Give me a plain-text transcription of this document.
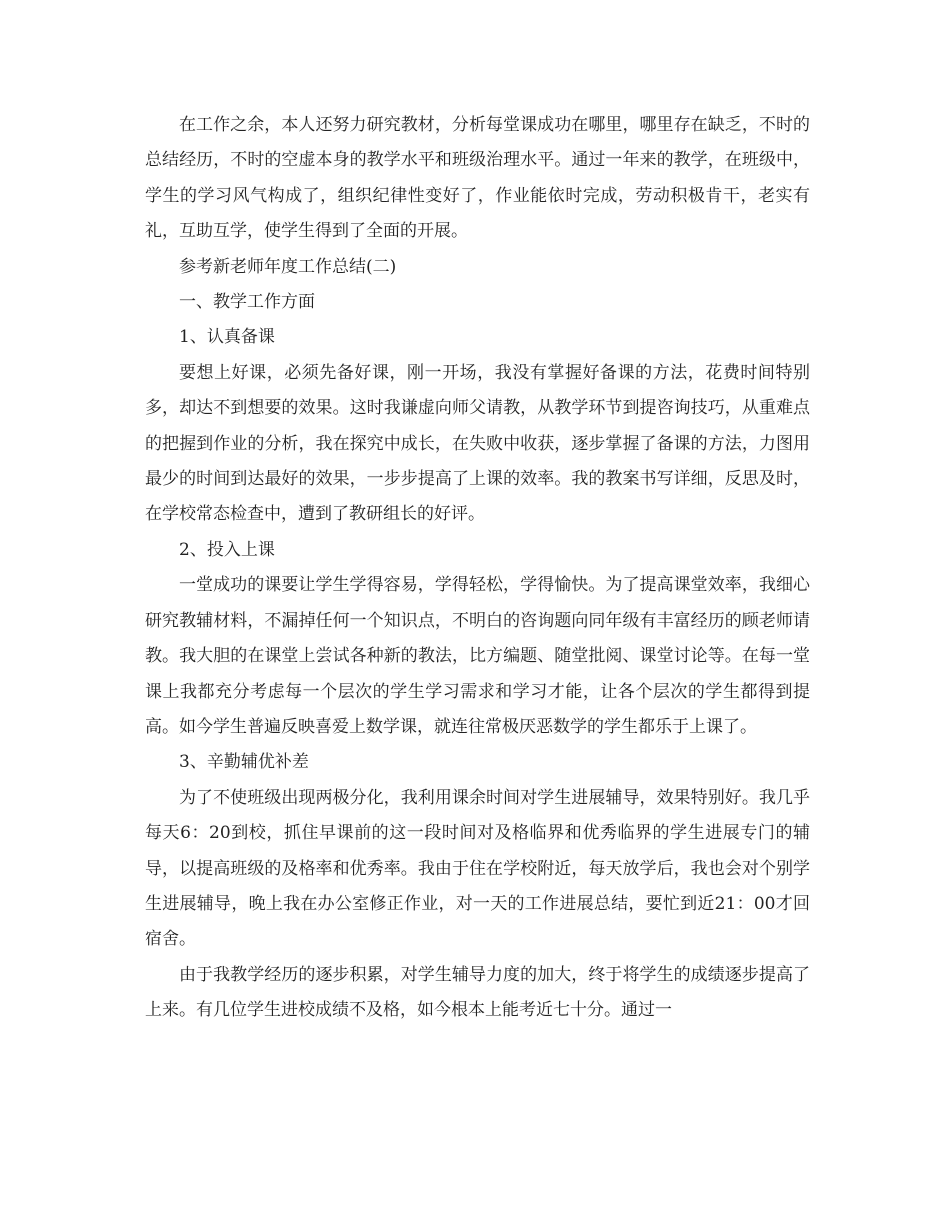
在工作之余，本人还努力研究教材，分析每堂课成功在哪里，哪里存在缺乏，不时的总结经历，不时的空虚本身的教学水平和班级治理水平。通过一年来的教学，在班级中，学生的学习风气构成了，组织纪律性变好了，作业能依时完成，劳动积极肯干，老实有礼，互助互学，使学生得到了全面的开展。

参考新老师年度工作总结(二)

一、教学工作方面

1、认真备课

要想上好课，必须先备好课，刚一开场，我没有掌握好备课的方法，花费时间特别多，却达不到想要的效果。这时我谦虚向师父请教，从教学环节到提咨询技巧，从重难点的把握到作业的分析，我在探究中成长，在失败中收获，逐步掌握了备课的方法，力图用最少的时间到达最好的效果，一步步提高了上课的效率。我的教案书写详细，反思及时，在学校常态检查中，遭到了教研组长的好评。

2、投入上课

一堂成功的课要让学生学得容易，学得轻松，学得愉快。为了提高课堂效率，我细心研究教辅材料，不漏掉任何一个知识点，不明白的咨询题向同年级有丰富经历的顾老师请教。我大胆的在课堂上尝试各种新的教法，比方编题、随堂批阅、课堂讨论等。在每一堂课上我都充分考虑每一个层次的学生学习需求和学习才能，让各个层次的学生都得到提高。如今学生普遍反映喜爱上数学课，就连往常极厌恶数学的学生都乐于上课了。

3、辛勤辅优补差

为了不使班级出现两极分化，我利用课余时间对学生进展辅导，效果特别好。我几乎每天6：20到校，抓住早课前的这一段时间对及格临界和优秀临界的学生进展专门的辅导，以提高班级的及格率和优秀率。我由于住在学校附近，每天放学后，我也会对个别学生进展辅导，晚上我在办公室修正作业，对一天的工作进展总结，要忙到近21：00才回宿舍。

由于我教学经历的逐步积累，对学生辅导力度的加大，终于将学生的成绩逐步提高了上来。有几位学生进校成绩不及格，如今根本上能考近七十分。通过一
